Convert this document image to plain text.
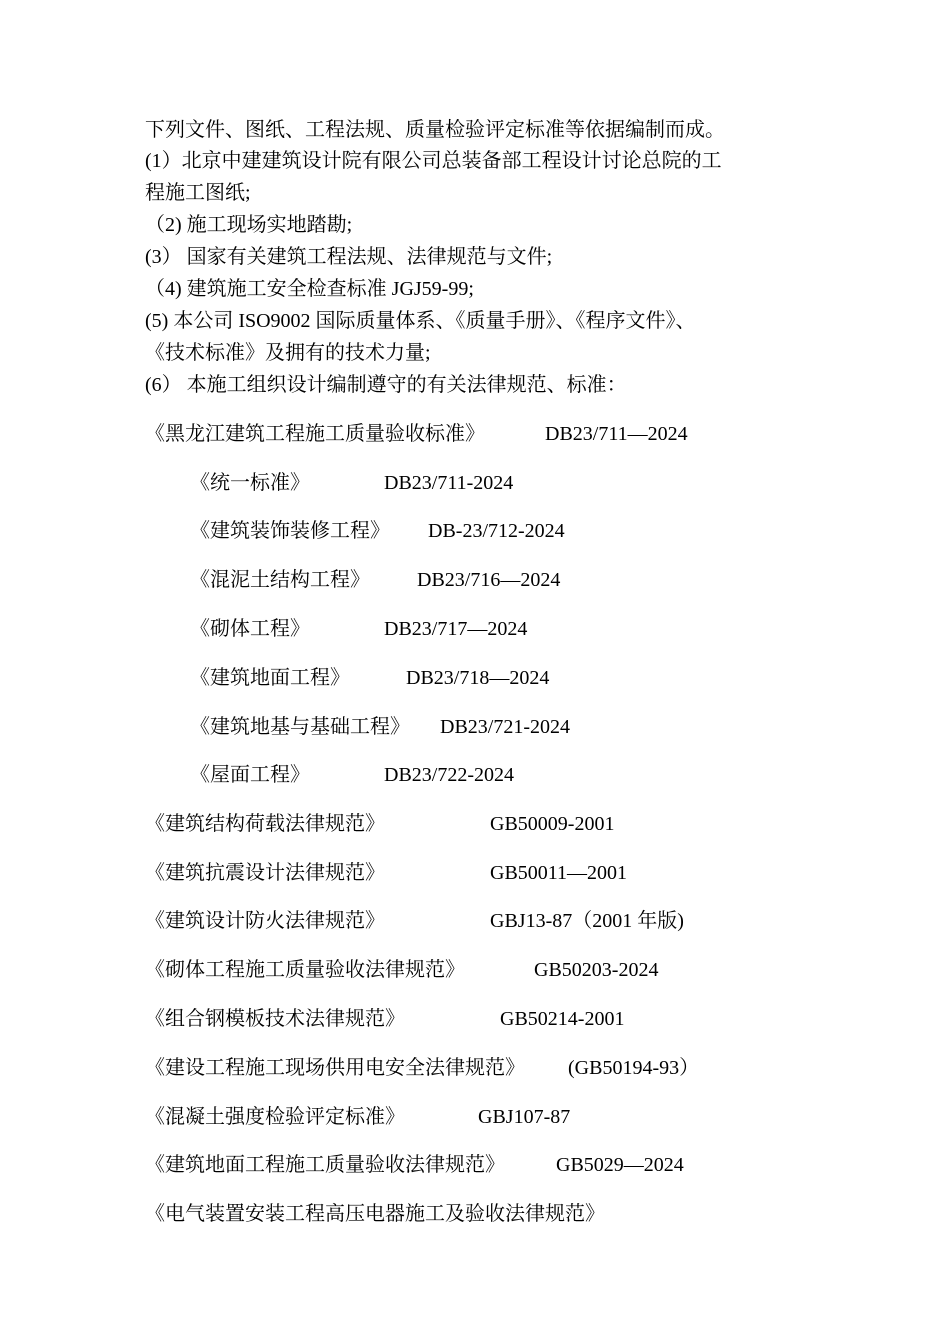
下列文件、图纸、工程法规、质量检验评定标准等依据编制而成。
(1）北京中建建筑设计院有限公司总装备部工程设计讨论总院的工
程施工图纸;
（2) 施工现场实地踏勘;
(3） 国家有关建筑工程法规、法律规范与文件;
（4) 建筑施工安全检查标准 JGJ59-99;
(5) 本公司 ISO9002 国际质量体系、《质量手册》、《程序文件》、
《技术标准》及拥有的技术力量;
(6） 本施工组织设计编制遵守的有关法律规范、标准：
《黑龙江建筑工程施工质量验收标准》	DB23/711—2024
《统一标准》	DB23/711-2024
《建筑装饰装修工程》 DB-23/712-2024
《混泥土结构工程》 DB23/716—2024
《砌体工程》	DB23/717—2024
《建筑地面工程》	DB23/718—2024
《建筑地基与基础工程》 DB23/721-2024
《屋面工程》	DB23/722-2024
《建筑结构荷载法律规范》	GB50009-2001
《建筑抗震设计法律规范》	GB50011—2001
《建筑设计防火法律规范》	GBJ13-87（2001 年版)
《砌体工程施工质量验收法律规范》	GB50203-2024
《组合钢模板技术法律规范》	GB50214-2001
《建设工程施工现场供用电安全法律规范》 (GB50194-93）
《混凝土强度检验评定标准》	GBJ107-87
《建筑地面工程施工质量验收法律规范》	GB5029—2024
《电气装置安装工程高压电器施工及验收法律规范》
